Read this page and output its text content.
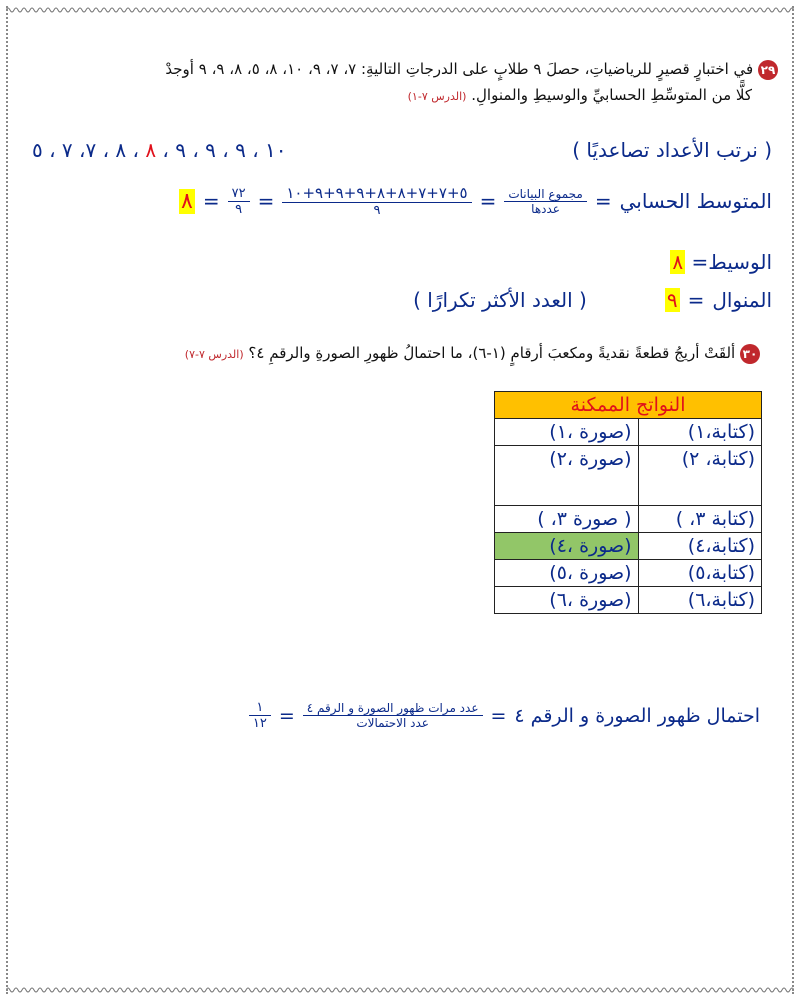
٢٩ في اختبارٍ قصيرٍ للرياضياتِ، حصلَ ٩ طلابٍ على الدرجاتِ التاليةِ: ٧، ٧، ٩، ١٠، ٨، ٥، ٨، ٩، ٩ أوجدْ
كلًّا من المتوسِّطِ الحسابيِّ والوسيطِ والمنوالِ. (الدرس ٧-١)
( نرتب الأعداد تصاعديًا )
١٠ ، ٩ ، ٩ ، ٩ ، ٨ ، ٨ ، ٧، ٧ ، ٥
المتوسط الحسابي
=
$\frac{\text{مجموع البيانات}}{\text{عددها}}$
=
$\frac{٥+٧+٧+٨+٨+٩+٩+٩+١٠}{٩}$
=
$\frac{٧٢}{٩}$
=
٨
الوسيط= ٨
المنوال
=
٩
( العدد الأكثر تكرارًا )
٣٠ ألقَتْ أريجُ قطعةً نقديةً ومكعبَ أرقامٍ (١-٦)، ما احتمالُ ظهورِ الصورةِ والرقمِ ٤؟ (الدرس ٧-٧)
النواتج الممكنة	
(كتابة،١)	(صورة ،١)
(كتابة، ٢)	(صورة ،٢)
(كتابة ٣، )	( صورة ٣، )
(كتابة،٤)	(صورة ،٤)
(كتابة،٥)	(صورة ،٥)
(كتابة،٦)	(صورة ،٦)
احتمال ظهور الصورة و الرقم ٤
=
$\frac{\text{عدد مرات ظهور الصورة و الرقم ٤}}{\text{عدد الاحتمالات}}$
=
$\frac{١}{١٢}$
